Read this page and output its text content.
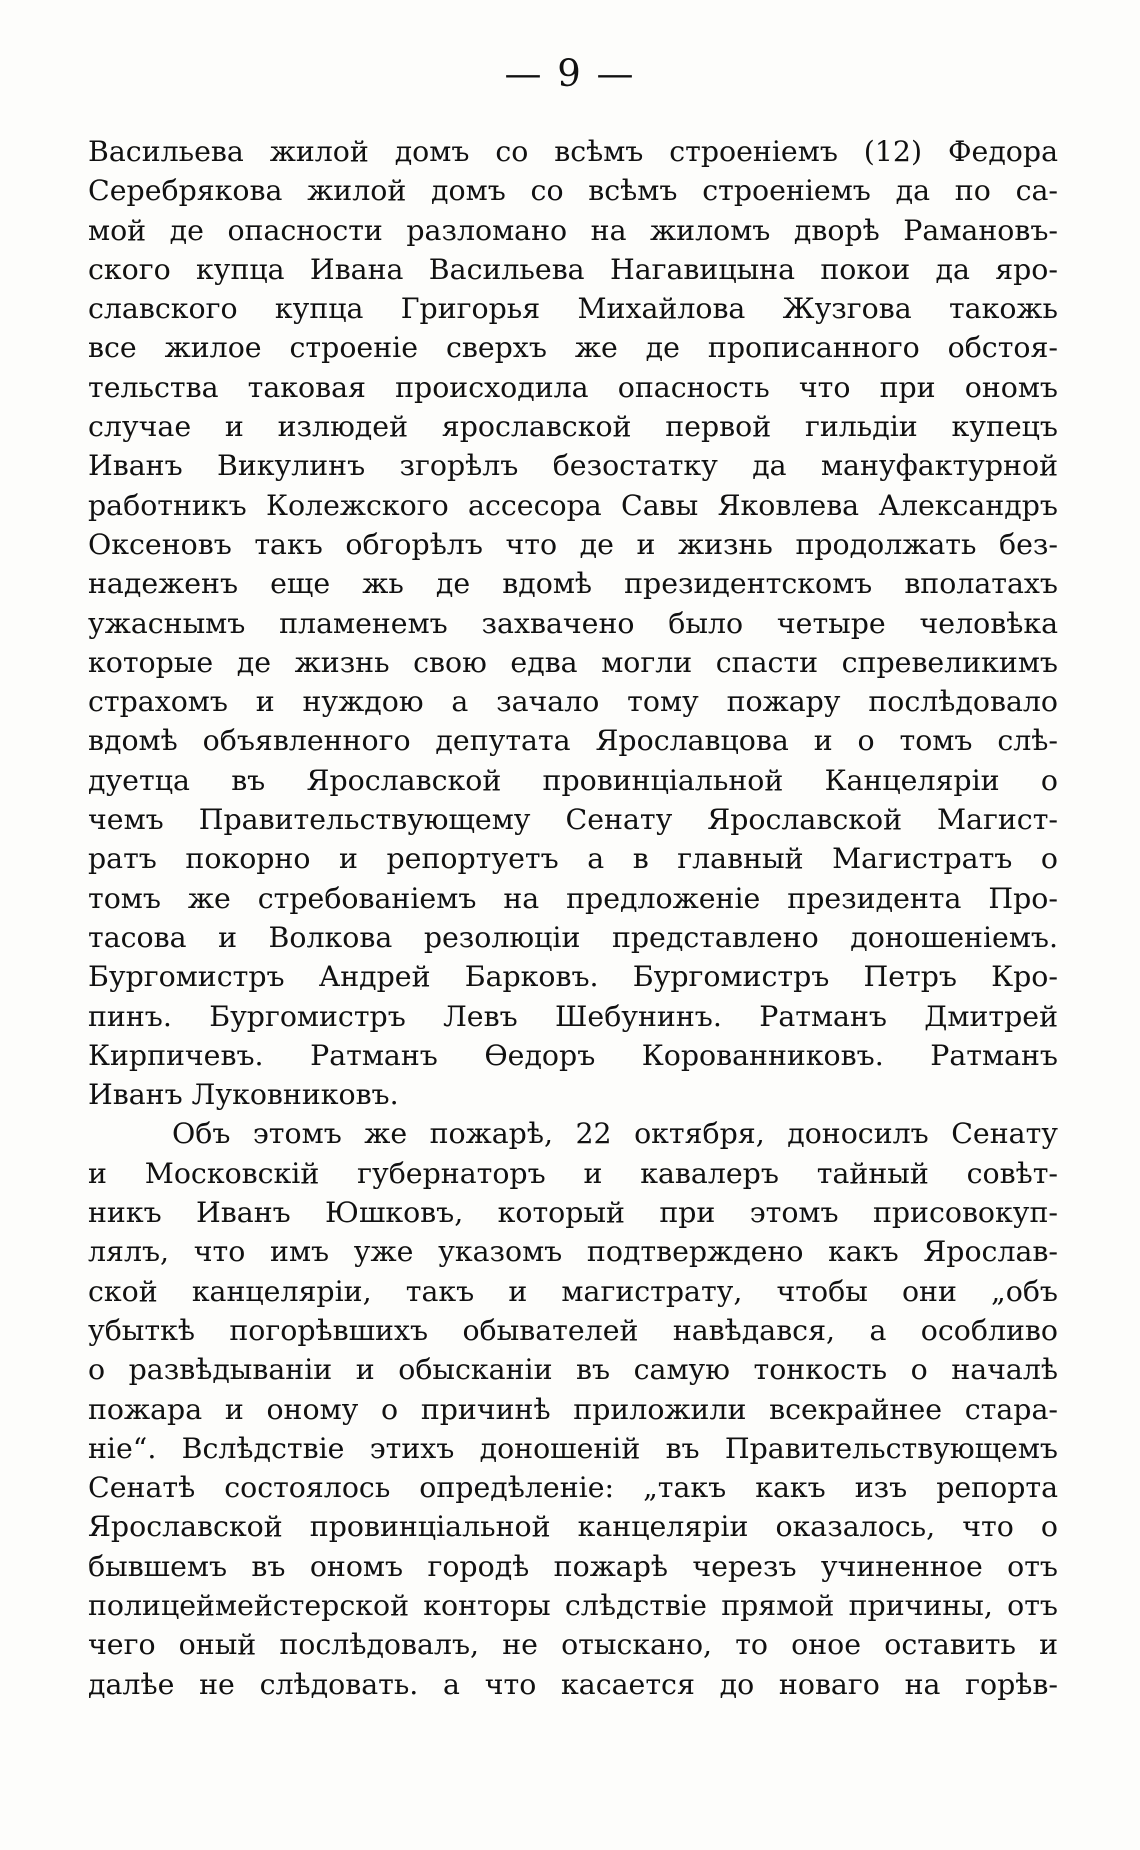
— 9 —
Васильева жилой домъ со всѣмъ строеніемъ (12) Федора
Серебрякова жилой домъ со всѣмъ строеніемъ да по са-
мой де опасности разломано на жиломъ дворѣ Рамановъ-
ского купца Ивана Васильева Нагавицына покои да яро-
славского купца Григорья Михайлова Жузгова такожь
все жилое строеніе сверхъ же де прописанного обстоя-
тельства таковая происходила опасность что при ономъ
случае и излюдей ярославской первой гильдіи купецъ
Иванъ Викулинъ згорѣлъ безостатку да мануфактурной
работникъ Колежского ассесора Савы Яковлева Александръ
Оксеновъ такъ обгорѣлъ что де и жизнь продолжать без-
надеженъ еще жь де вдомѣ президентскомъ вполатахъ
ужаснымъ пламенемъ захвачено было четыре человѣка
которые де жизнь свою едва могли спасти спревеликимъ
страхомъ и нуждою а зачало тому пожару послѣдовало
вдомѣ объявленного депутата Ярославцова и о томъ слѣ-
дуетца въ Ярославской провинціальной Канцеляріи о
чемъ Правительствующему Сенату Ярославской Магист-
ратъ покорно и репортуетъ а в главный Магистратъ о
томъ же стребованіемъ на предложеніе президента Про-
тасова и Волкова резолюціи представлено доношеніемъ.
Бургомистръ Андрей Барковъ. Бургомистръ Петръ Кро-
пинъ. Бургомистръ Левъ Шебунинъ. Ратманъ Дмитрей
Кирпичевъ. Ратманъ Ѳедоръ Корованниковъ. Ратманъ
Иванъ Луковниковъ.
Объ этомъ же пожарѣ, 22 октября, доносилъ Сенату
и Московскій губернаторъ и кавалеръ тайный совѣт-
никъ Иванъ Юшковъ, который при этомъ присовокуп-
лялъ, что имъ уже указомъ подтверждено какъ Ярослав-
ской канцеляріи, такъ и магистрату, чтобы они „объ
убыткѣ погорѣвшихъ обывателей навѣдався, а особливо
о развѣдываніи и обысканіи въ самую тонкость о началѣ
пожара и оному о причинѣ приложили всекрайнее стара-
ніе“. Вслѣдствіе этихъ доношеній въ Правительствующемъ
Сенатѣ состоялось опредѣленіе: „такъ какъ изъ репорта
Ярославской провинціальной канцеляріи оказалось, что о
бывшемъ въ ономъ городѣ пожарѣ черезъ учиненное отъ
полицеймейстерской конторы слѣдствіе прямой причины, отъ
чего оный послѣдовалъ, не отыскано, то оное оставить и
далѣе не слѣдовать. а что касается до новаго на горѣв-
